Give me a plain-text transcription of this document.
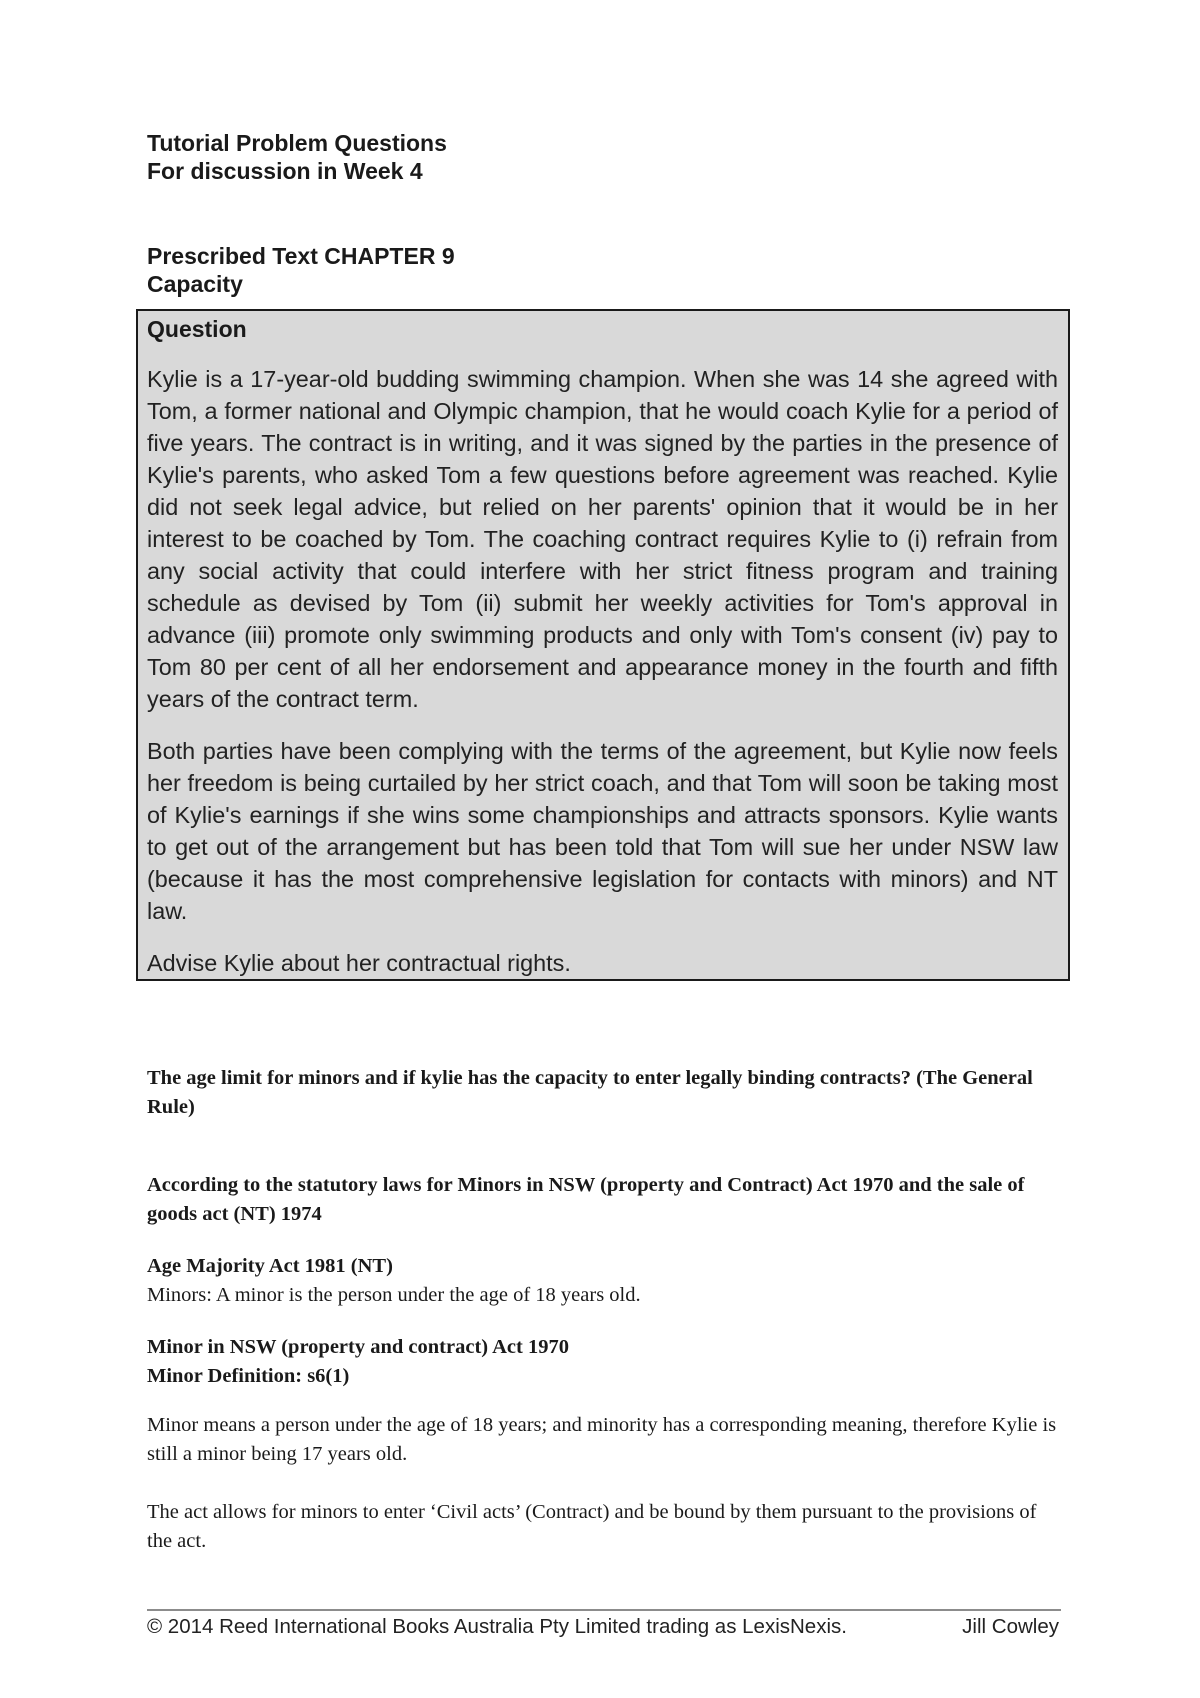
Tutorial Problem Questions
For discussion in Week 4
Prescribed Text CHAPTER 9
Capacity
Question

Kylie is a 17-year-old budding swimming champion. When she was 14 she agreed with Tom, a former national and Olympic champion, that he would coach Kylie for a period of five years. The contract is in writing, and it was signed by the parties in the presence of Kylie's parents, who asked Tom a few questions before agreement was reached. Kylie did not seek legal advice, but relied on her parents' opinion that it would be in her interest to be coached by Tom. The coaching contract requires Kylie to (i) refrain from any social activity that could interfere with her strict fitness program and training schedule as devised by Tom (ii) submit her weekly activities for Tom's approval in advance (iii) promote only swimming products and only with Tom's consent (iv) pay to Tom 80 per cent of all her endorsement and appearance money in the fourth and fifth years of the contract term.

Both parties have been complying with the terms of the agreement, but Kylie now feels her freedom is being curtailed by her strict coach, and that Tom will soon be taking most of Kylie's earnings if she wins some championships and attracts sponsors. Kylie wants to get out of the arrangement but has been told that Tom will sue her under NSW law (because it has the most comprehensive legislation for contacts with minors) and NT law.

Advise Kylie about her contractual rights.

The age limit for minors and if kylie has the capacity to enter legally binding contracts? (The General Rule)
According to the statutory laws for Minors in NSW (property and Contract) Act 1970 and the sale of goods act (NT) 1974
Age Majority Act 1981 (NT)
Minors: A minor is the person under the age of 18 years old.
Minor in NSW (property and contract) Act 1970
Minor Definition: s6(1)
Minor means a person under the age of 18 years; and minority has a corresponding meaning, therefore Kylie is still a minor being 17 years old.
The act allows for minors to enter ‘Civil acts’ (Contract) and be bound by them pursuant to the provisions of the act.
© 2014 Reed International Books Australia Pty Limited trading as LexisNexis.	Jill Cowley
